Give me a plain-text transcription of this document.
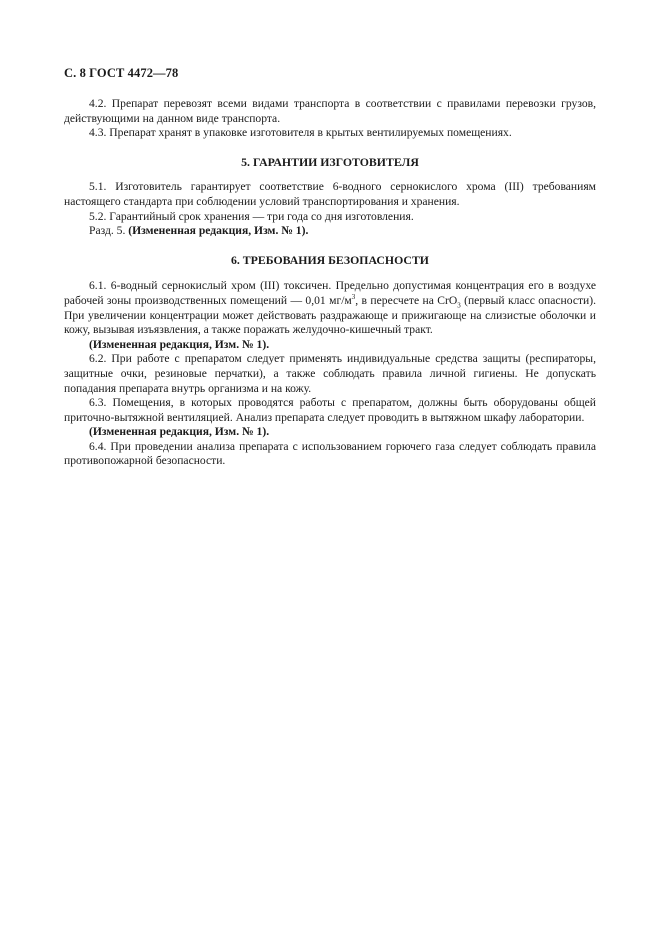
С. 8 ГОСТ 4472—78

4.2. Препарат перевозят всеми видами транспорта в соответствии с правилами перевозки грузов, действующими на данном виде транспорта.

4.3. Препарат хранят в упаковке изготовителя в крытых вентилируемых помещениях.

5. ГАРАНТИИ ИЗГОТОВИТЕЛЯ

5.1. Изготовитель гарантирует соответствие 6-водного сернокислого хрома (III) требованиям настоящего стандарта при соблюдении условий транспортирования и хранения.

5.2. Гарантийный срок хранения — три года со дня изготовления.

Разд. 5. (Измененная редакция, Изм. № 1).

6. ТРЕБОВАНИЯ БЕЗОПАСНОСТИ

6.1. 6-водный сернокислый хром (III) токсичен. Предельно допустимая концентрация его в воздухе рабочей зоны производственных помещений — 0,01 $мг/м^3$, в пересчете на CrO$_3$ (первый класс опасности). При увеличении концентрации может действовать раздражающе и прижигающе на слизистые оболочки и кожу, вызывая изъязвления, а также поражать желудочно-кишечный тракт.

(Измененная редакция, Изм. № 1).

6.2. При работе с препаратом следует применять индивидуальные средства защиты (респираторы, защитные очки, резиновые перчатки), а также соблюдать правила личной гигиены. Не допускать попадания препарата внутрь организма и на кожу.

6.3. Помещения, в которых проводятся работы с препаратом, должны быть оборудованы общей приточно-вытяжной вентиляцией. Анализ препарата следует проводить в вытяжном шкафу лаборатории.

(Измененная редакция, Изм. № 1).

6.4. При проведении анализа препарата с использованием горючего газа следует соблюдать правила противопожарной безопасности.
